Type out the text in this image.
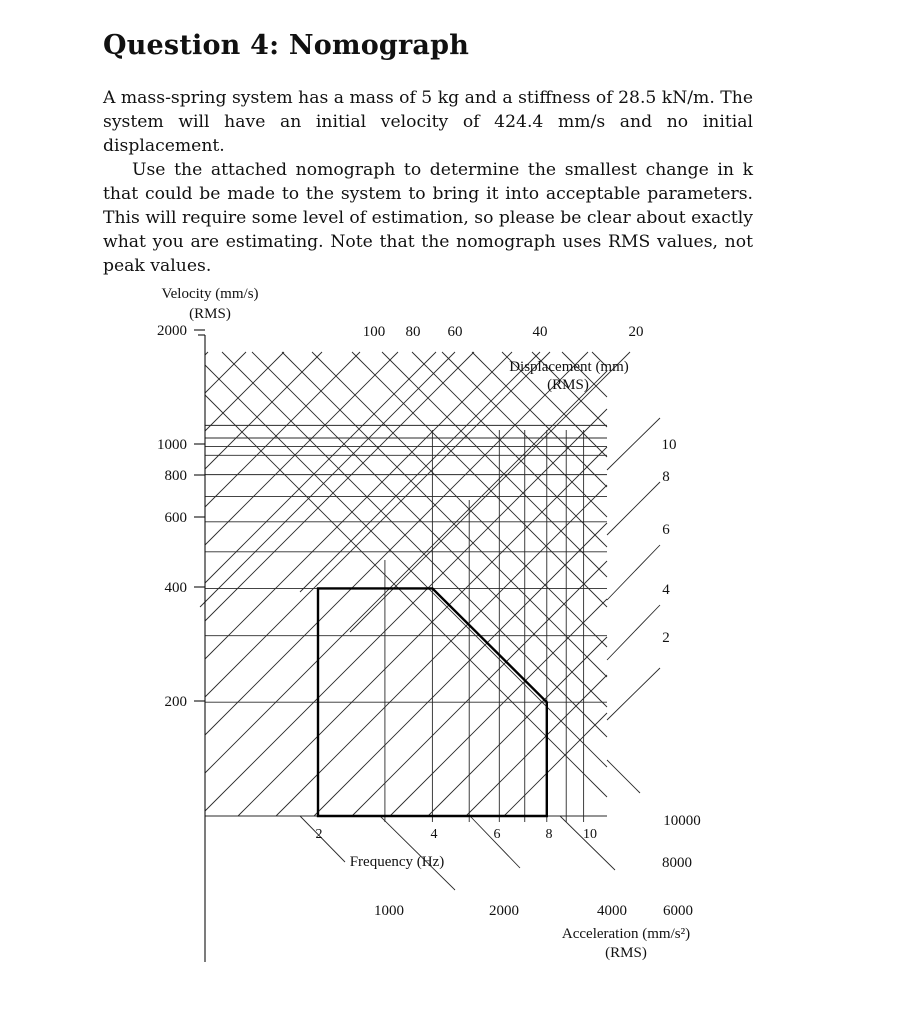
Question 4: Nomograph

A mass-spring system has a mass of 5 kg and a stiffness of 28.5 kN/m. The system will have an initial velocity of 424.4 mm/s and no initial displacement.

Use the attached nomograph to determine the smallest change in k that could be made to the system to bring it into acceptable parameters. This will require some level of estimation, so please be clear about exactly what you are estimating. Note that the nomograph uses RMS values, not peak values.

Velocity (mm/s)
(RMS)
2000
1000
800
600
400
200
100 80 60	40	20
10
8
6
4
2
Displacement (mm)
(RMS)
2	4	6	8 10
Frequency (Hz)
10000
8000
6000
4000
2000
1000
Acceleration (mm/s²)
(RMS)
